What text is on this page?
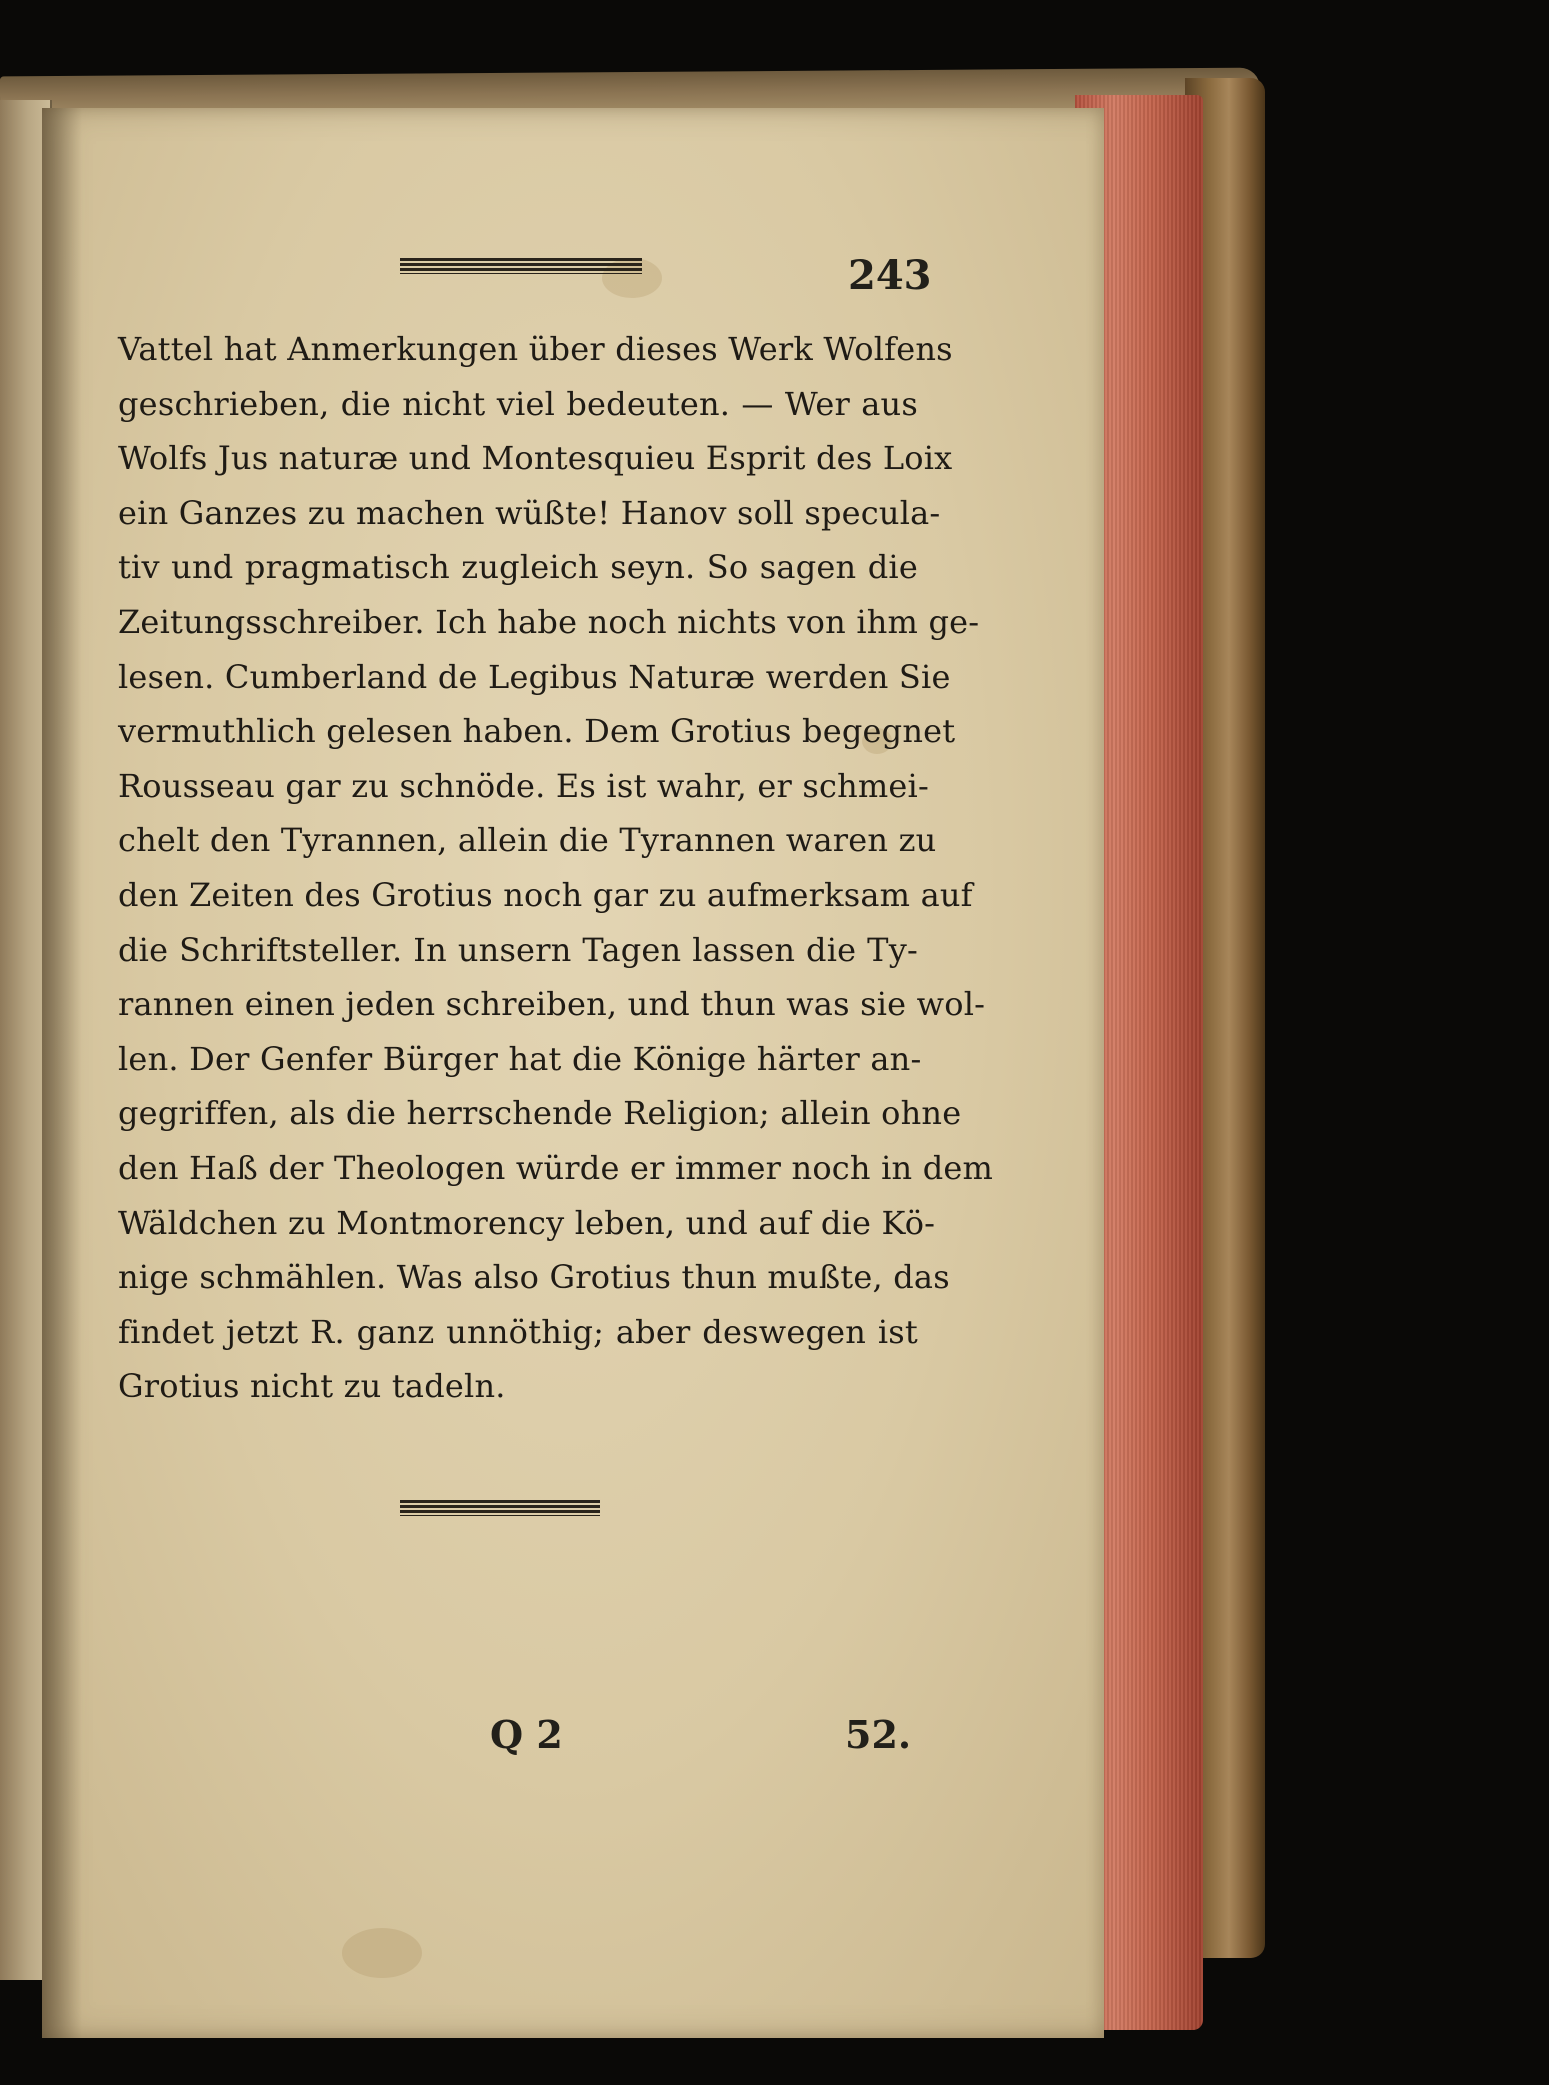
243
Vattel hat Anmerkungen über dieses Werk Wolfens
geschrieben, die nicht viel bedeuten. — Wer aus
Wolfs Jus naturæ und Montesquieu Esprit des Loix
ein Ganzes zu machen wüßte! Hanov soll specula-
tiv und pragmatisch zugleich seyn. So sagen die
Zeitungsschreiber. Ich habe noch nichts von ihm ge-
lesen. Cumberland de Legibus Naturæ werden Sie
vermuthlich gelesen haben. Dem Grotius begegnet
Rousseau gar zu schnöde. Es ist wahr, er schmei-
chelt den Tyrannen, allein die Tyrannen waren zu
den Zeiten des Grotius noch gar zu aufmerksam auf
die Schriftsteller. In unsern Tagen lassen die Ty-
rannen einen jeden schreiben, und thun was sie wol-
len. Der Genfer Bürger hat die Könige härter an-
gegriffen, als die herrschende Religion; allein ohne
den Haß der Theologen würde er immer noch in dem
Wäldchen zu Montmorency leben, und auf die Kö-
nige schmählen. Was also Grotius thun mußte, das
findet jetzt R. ganz unnöthig; aber deswegen ist
Grotius nicht zu tadeln.
Q 2	52.
